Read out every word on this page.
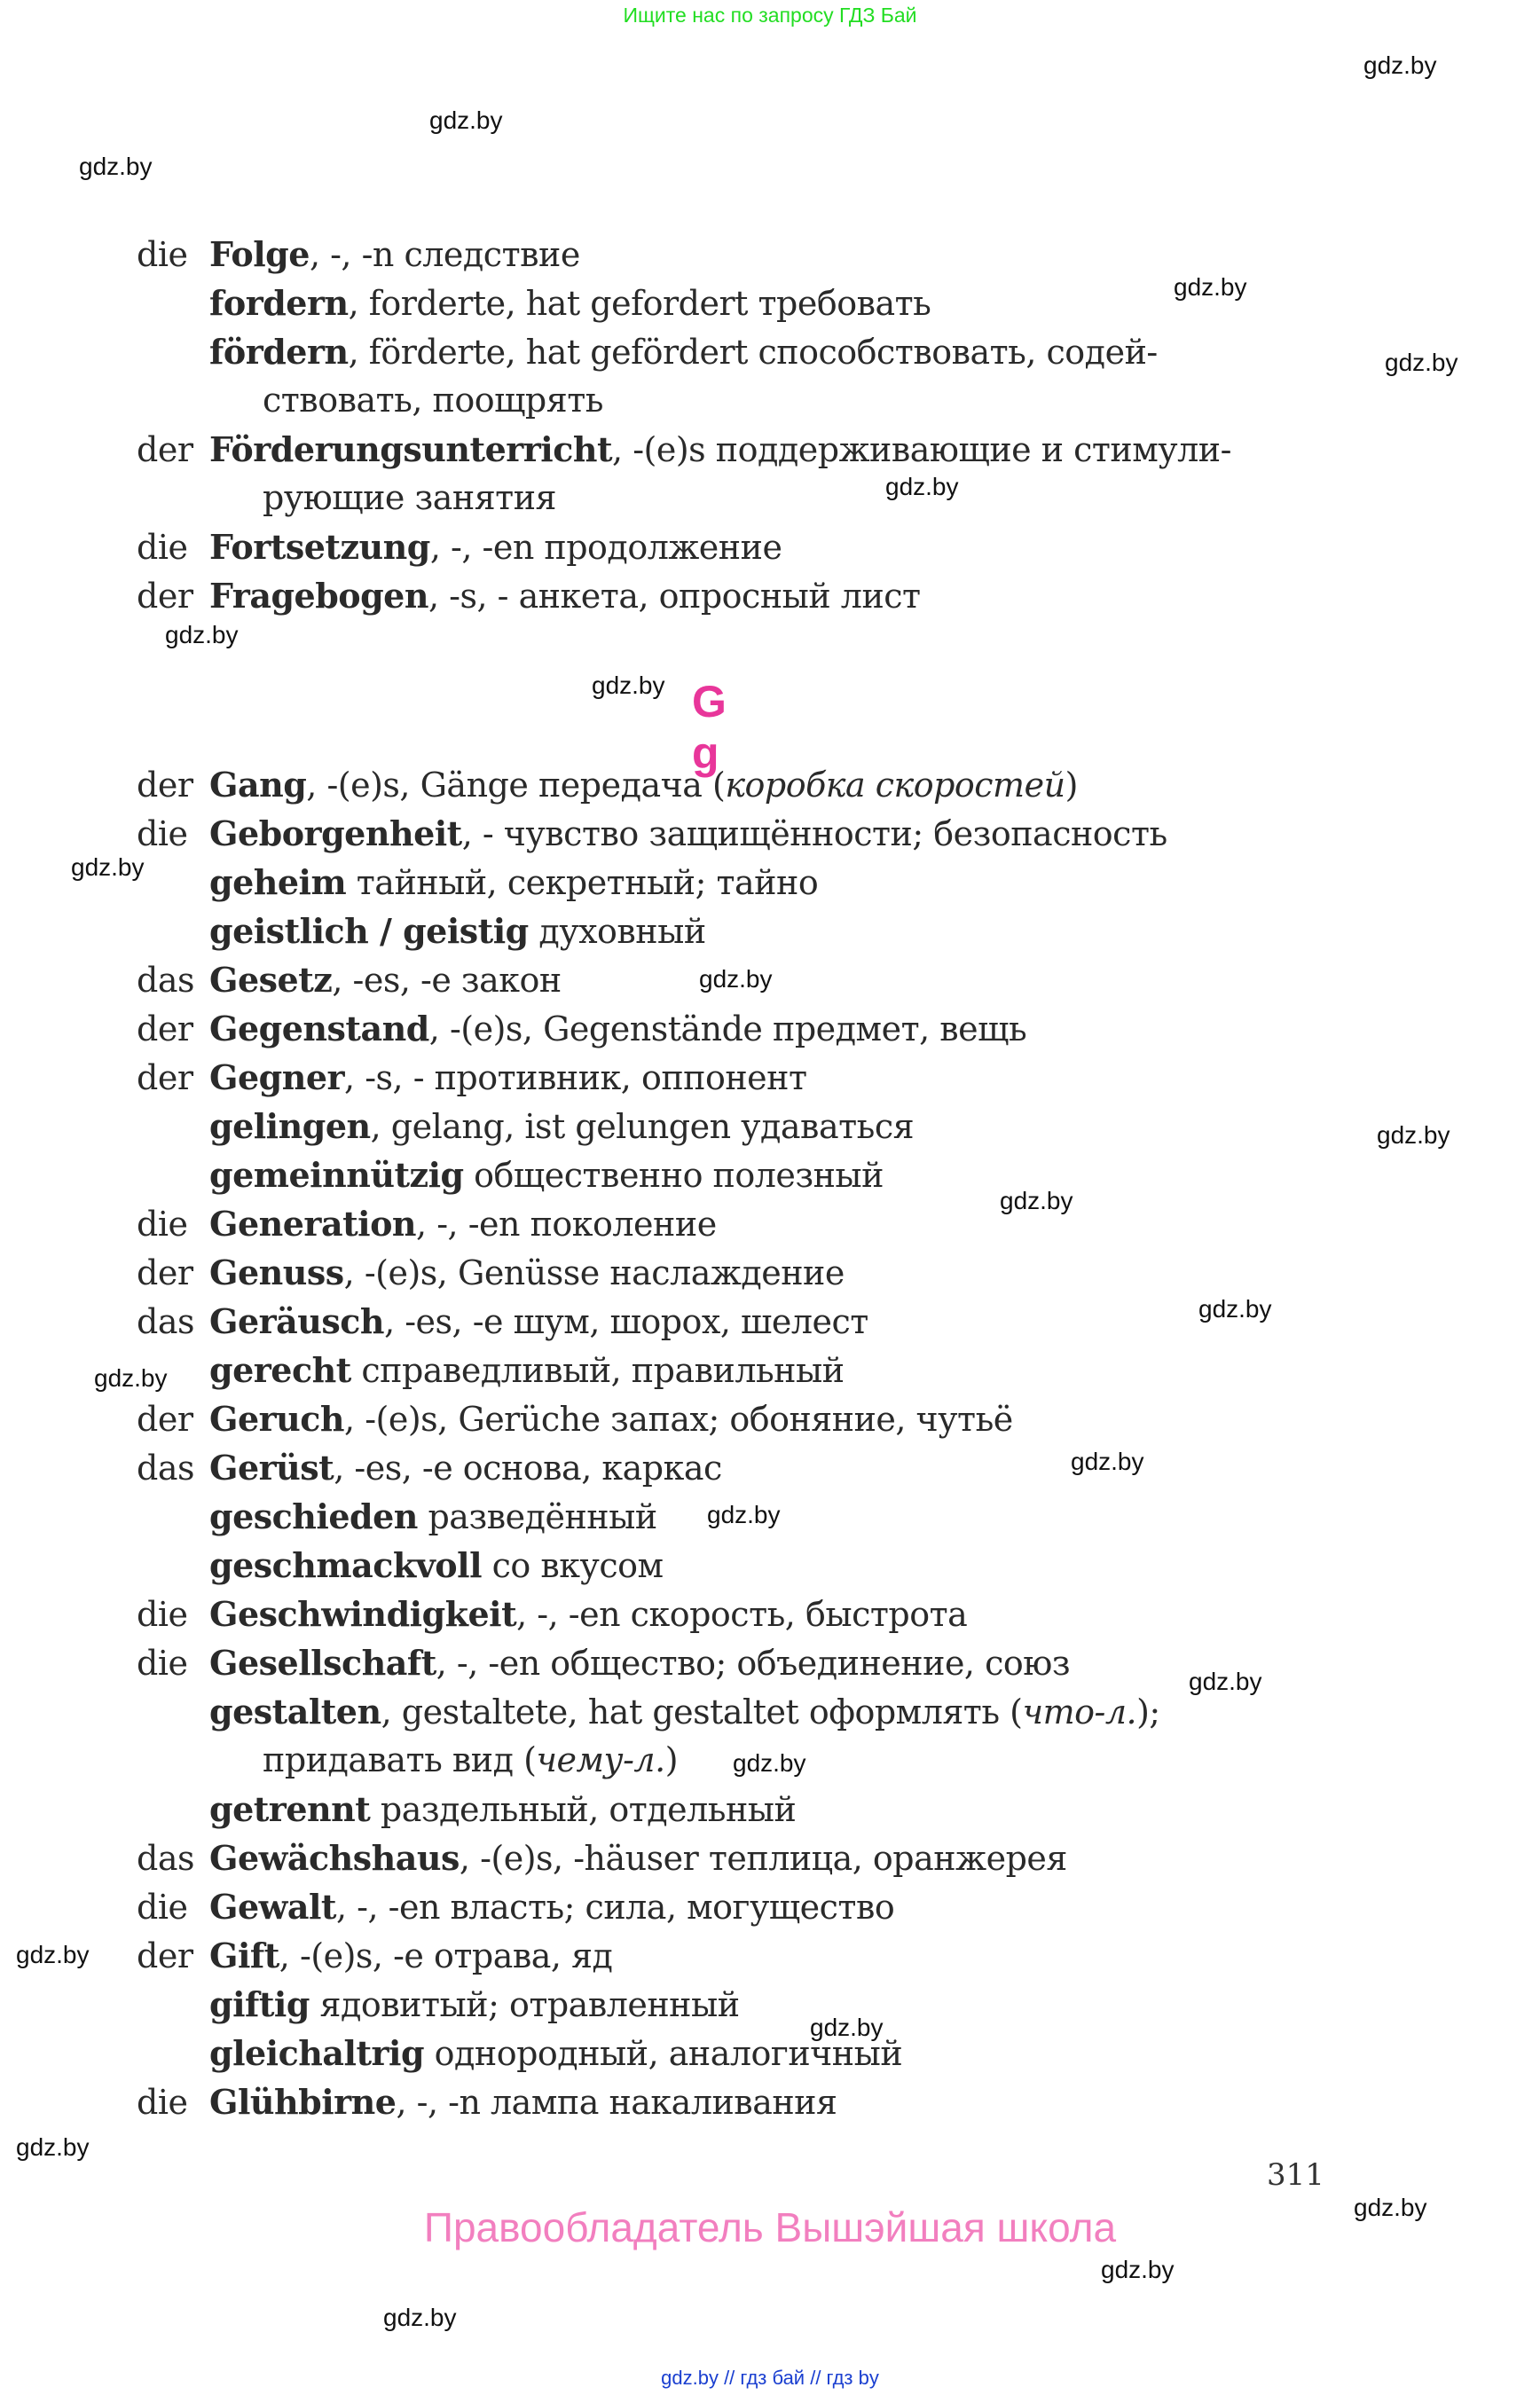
Ищите нас по запросу ГДЗ Бай
gdz.by
gdz.by
gdz.by
gdz.by
gdz.by
gdz.by
gdz.by
gdz.by
gdz.by
gdz.by
gdz.by
gdz.by
gdz.by
gdz.by
gdz.by
gdz.by
gdz.by
gdz.by
gdz.by
gdz.by
gdz.by
gdz.by
gdz.by
gdz.by
die Folge, -, -n следствие
fordern, forderte, hat gefordert требовать
fördern, förderte, hat gefördert способствовать, содей-
ствовать, поощрять
der Förderungsunterricht, -(e)s поддерживающие и стимули-
рующие занятия
die Fortsetzung, -, -en продолжение
der Fragebogen, -s, - анкета, опросный лист
G g
der Gang, -(e)s, Gänge передача (коробка скоростей)
die Geborgenheit, - чувство защищённости; безопасность
geheim тайный, секретный; тайно
geistlich / geistig духовный
das Gesetz, -es, -e закон
der Gegenstand, -(e)s, Gegenstände предмет, вещь
der Gegner, -s, - противник, оппонент
gelingen, gelang, ist gelungen удаваться
gemeinnützig общественно полезный
die Generation, -, -en поколение
der Genuss, -(e)s, Genüsse наслаждение
das Geräusch, -es, -e шум, шорох, шелест
gerecht справедливый, правильный
der Geruch, -(e)s, Gerüche запах; обоняние, чутьё
das Gerüst, -es, -e основа, каркас
geschieden разведённый
geschmackvoll со вкусом
die Geschwindigkeit, -, -en скорость, быстрота
die Gesellschaft, -, -en общество; объединение, союз
gestalten, gestaltete, hat gestaltet оформлять (что-л.);
придавать вид (чему-л.)
getrennt раздельный, отдельный
das Gewächshaus, -(e)s, -häuser теплица, оранжерея
die Gewalt, -, -en власть; сила, могущество
der Gift, -(e)s, -e отрава, яд
giftig ядовитый; отравленный
gleichaltrig однородный, аналогичный
die Glühbirne, -, -n лампа накаливания
311
Правообладатель Вышэйшая школа
gdz.by // гдз бай // гдз by
